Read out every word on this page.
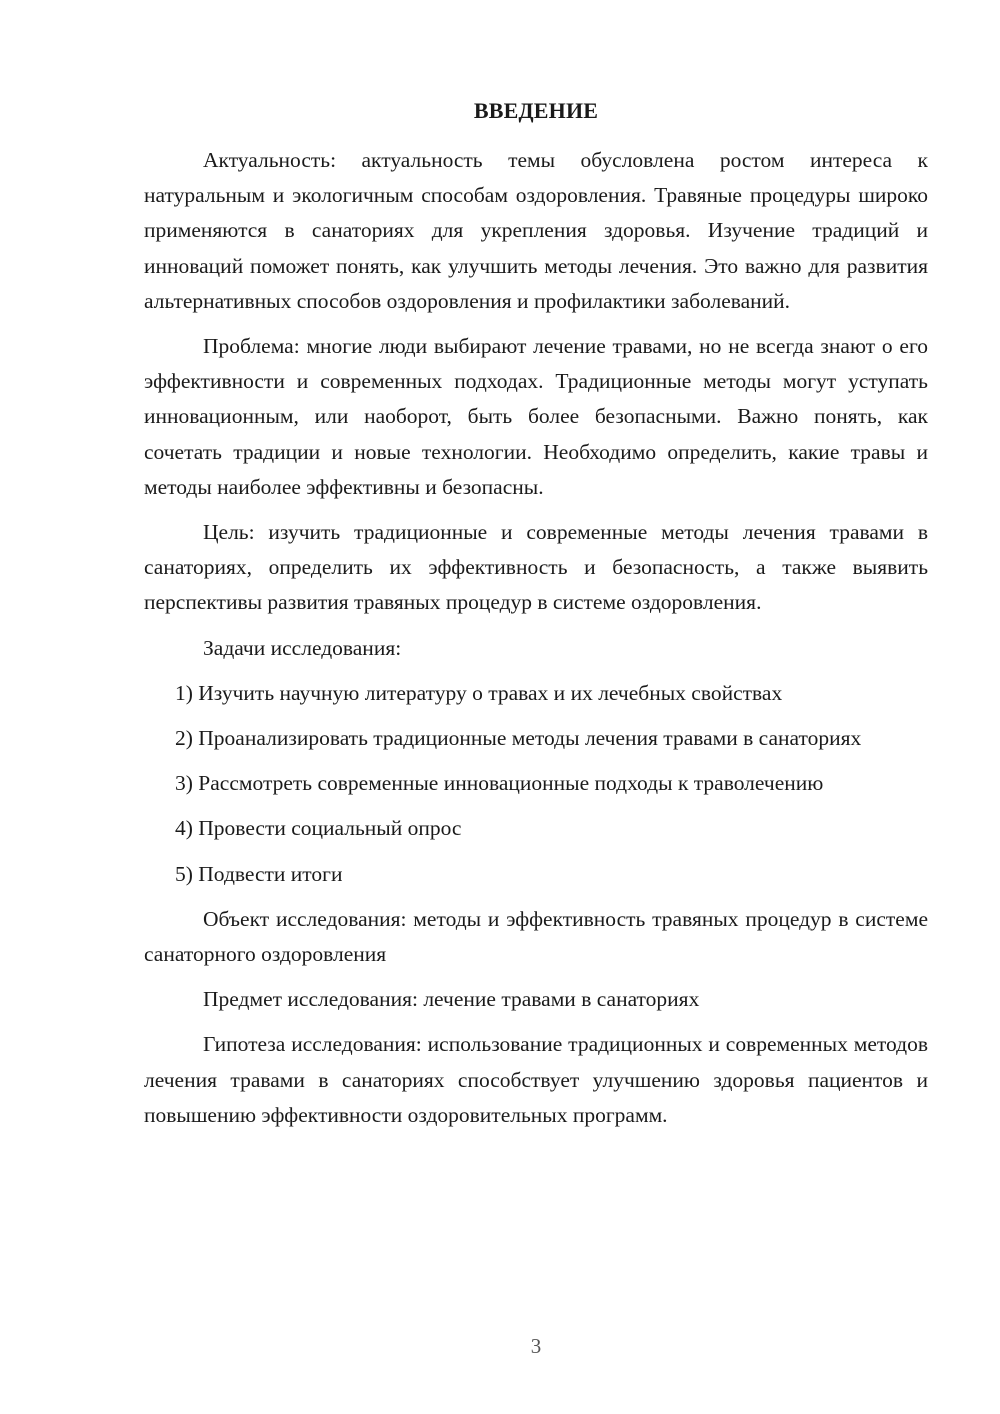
ВВЕДЕНИЕ

Актуальность: актуальность темы обусловлена ростом интереса к натуральным и экологичным способам оздоровления. Травяные процедуры широко применяются в санаториях для укрепления здоровья. Изучение традиций и инноваций поможет понять, как улучшить методы лечения. Это важно для развития альтернативных способов оздоровления и профилактики заболеваний.

Проблема: многие люди выбирают лечение травами, но не всегда знают о его эффективности и современных подходах. Традиционные методы могут уступать инновационным, или наоборот, быть более безопасными. Важно понять, как сочетать традиции и новые технологии. Необходимо определить, какие травы и методы наиболее эффективны и безопасны.

Цель: изучить традиционные и современные методы лечения травами в санаториях, определить их эффективность и безопасность, а также выявить перспективы развития травяных процедур в системе оздоровления.

Задачи исследования:

1) Изучить научную литературу о травах и их лечебных свойствах

2) Проанализировать традиционные методы лечения травами в санаториях

3) Рассмотреть современные инновационные подходы к траволечению

4) Провести социальный опрос

5) Подвести итоги

Объект исследования: методы и эффективность травяных процедур в системе санаторного оздоровления

Предмет исследования: лечение травами в санаториях

Гипотеза исследования: использование традиционных и современных методов лечения травами в санаториях способствует улучшению здоровья пациентов и повышению эффективности оздоровительных программ.

3
